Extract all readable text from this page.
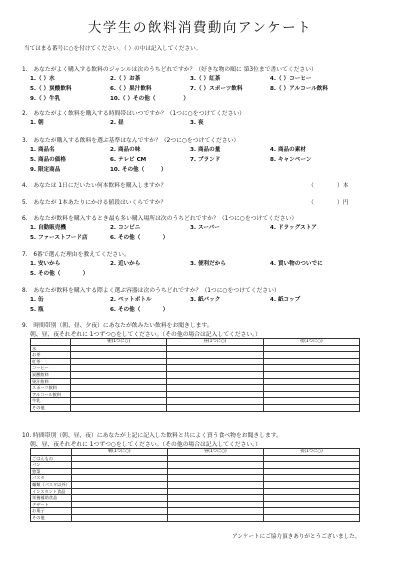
大学生の飲料消費動向アンケート
当てはまる番号に○を付けてください。（ ）の中は記入してください。
1.　あなたがよく購入する飲料のジャンルは次のうちどれですか？（好きな物の順に 第3位まで書いてください）
1.（ ）水	2.（ ）お茶	3.（ ）紅茶	4.（ ）コーヒー
5.（ ）炭酸飲料	6.（ ）果汁飲料	7.（ ）スポーツ飲料	8.（ ）アルコール飲料
9.（ ）牛乳	10.（ ）その他（　　　　　）
2.　あなたがよく飲料を購入する時間帯はいつですか？（1つに○をつけてください）
1. 朝	2. 昼	3. 夜
3.　あなたが購入する飲料を選ぶ基準はなんですか？（2つに○をつけてください）
1. 商品名	2. 商品の味	3. 商品の量	4. 商品の素材
5. 商品の価格	6. テレビ CM	7. ブランド	8. キャンペーン
9. 限定商品	10. その他（　　　）
4.　あなたは 1日にだいたい何本飲料を購入しますか？	（　　　　）本
5.　あなたが 1本あたりにかける値段はいくらですか？	（　　　　）円
6.　あなたが飲料を購入するとき最も多い購入場所は次のうちどれですか？（1つに○をつけてください）
1. 自動販売機	2. コンビニ	3. スーパー	4. ドラッグストア
5. ファーストフード店	6. その他（　　　　）
7.　6番で選んだ理由を教えてください。
1. 安いから	2. 近いから	3. 便利だから	4. 買い物のついでに
5. その他（　　　　）
8.　あなたが飲料を購入する際よく選ぶ容器は次のうちどれですか？（1つに○をつけてください）
1. 缶	2. ペットボトル	3. 紙パック	4. 紙コップ
5. 瓶	6. その他（　　　　）
9.　時間帯別（朝、昼、夕夜）にあなたが飲みたい飲料をお聞きします。
朝、昼、夜それぞれに 1つずつ○をしてください。（その他の場合は記入してください。）
	朝(1つに○)	昼(1つに○)	夜(1つに○)
水			
お茶			
紅茶			
コーヒー			
炭酸飲料			
果汁飲料			
スポーツ飲料			
アルコール飲料			
牛乳			
その他			
10. 時間帯別（朝、昼、夜）にあなたが上記に記入した飲料と共によく買う食べ物をお聞きします。
朝、昼、夜それぞれに 1つずつ○をしてください。（その他の場合は記入してください。）
	朝(1つに○)	昼(1つに○)	夜(1つに○)
ごはんもの			
パン			
惣菜			
パスタ			
麺類（パスタ以外）			
インスタント食品			
栄養補助食品			
デザート			
お菓子			
その他			
アンケートにご協力頂きありがとうございました。
